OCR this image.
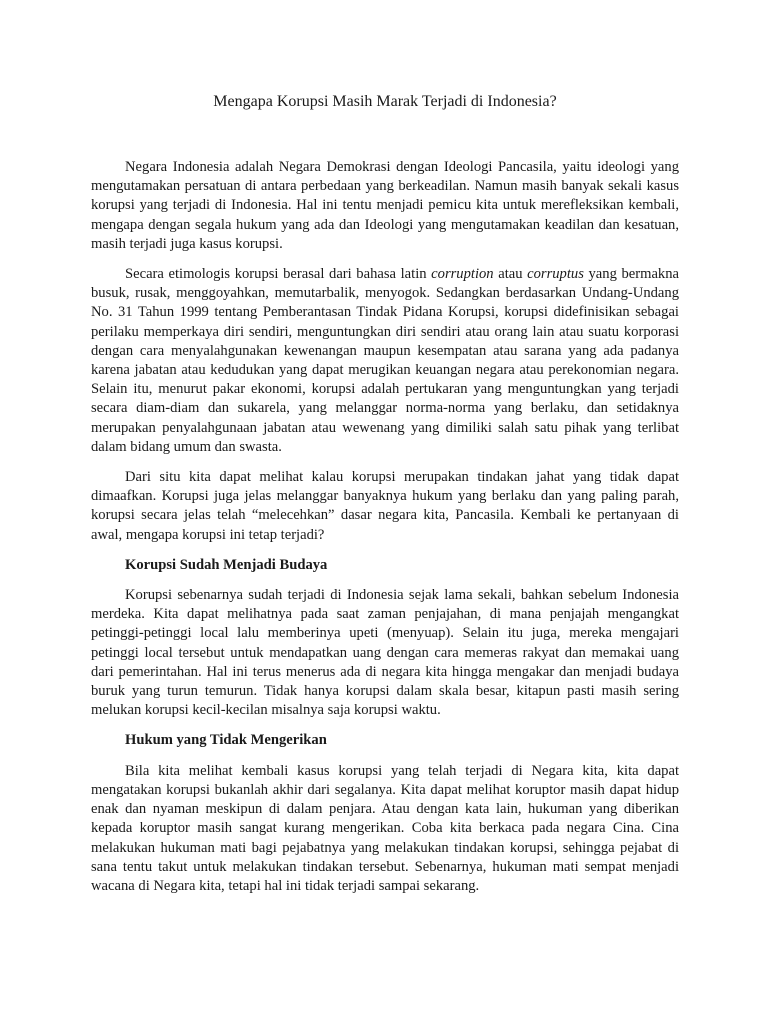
Mengapa Korupsi Masih Marak Terjadi di Indonesia?

Negara Indonesia adalah Negara Demokrasi dengan Ideologi Pancasila, yaitu ideologi yang mengutamakan persatuan di antara perbedaan yang berkeadilan. Namun masih banyak sekali kasus korupsi yang terjadi di Indonesia. Hal ini tentu menjadi pemicu kita untuk merefleksikan kembali, mengapa dengan segala hukum yang ada dan Ideologi yang mengutamakan keadilan dan kesatuan, masih terjadi juga kasus korupsi.

Secara etimologis korupsi berasal dari bahasa latin corruption atau corruptus yang bermakna busuk, rusak, menggoyahkan, memutarbalik, menyogok. Sedangkan berdasarkan Undang-Undang No. 31 Tahun 1999 tentang Pemberantasan Tindak Pidana Korupsi, korupsi didefinisikan sebagai perilaku memperkaya diri sendiri, menguntungkan diri sendiri atau orang lain atau suatu korporasi dengan cara menyalahgunakan kewenangan maupun kesempatan atau sarana yang ada padanya karena jabatan atau kedudukan yang dapat merugikan keuangan negara atau perekonomian negara. Selain itu, menurut pakar ekonomi, korupsi adalah pertukaran yang menguntungkan yang terjadi secara diam-diam dan sukarela, yang melanggar norma-norma yang berlaku, dan setidaknya merupakan penyalahgunaan jabatan atau wewenang yang dimiliki salah satu pihak yang terlibat dalam bidang umum dan swasta.

Dari situ kita dapat melihat kalau korupsi merupakan tindakan jahat yang tidak dapat dimaafkan. Korupsi juga jelas melanggar banyaknya hukum yang berlaku dan yang paling parah, korupsi secara jelas telah “melecehkan” dasar negara kita, Pancasila. Kembali ke pertanyaan di awal, mengapa korupsi ini tetap terjadi?

Korupsi Sudah Menjadi Budaya

Korupsi sebenarnya sudah terjadi di Indonesia sejak lama sekali, bahkan sebelum Indonesia merdeka. Kita dapat melihatnya pada saat zaman penjajahan, di mana penjajah mengangkat petinggi-petinggi local lalu memberinya upeti (menyuap). Selain itu juga, mereka mengajari petinggi local tersebut untuk mendapatkan uang dengan cara memeras rakyat dan memakai uang dari pemerintahan. Hal ini terus menerus ada di negara kita hingga mengakar dan menjadi budaya buruk yang turun temurun. Tidak hanya korupsi dalam skala besar, kitapun pasti masih sering melukan korupsi kecil-kecilan misalnya saja korupsi waktu.

Hukum yang Tidak Mengerikan

Bila kita melihat kembali kasus korupsi yang telah terjadi di Negara kita, kita dapat mengatakan korupsi bukanlah akhir dari segalanya. Kita dapat melihat koruptor masih dapat hidup enak dan nyaman meskipun di dalam penjara. Atau dengan kata lain, hukuman yang diberikan kepada koruptor masih sangat kurang mengerikan. Coba kita berkaca pada negara Cina. Cina melakukan hukuman mati bagi pejabatnya yang melakukan tindakan korupsi, sehingga pejabat di sana tentu takut untuk melakukan tindakan tersebut. Sebenarnya, hukuman mati sempat menjadi wacana di Negara kita, tetapi hal ini tidak terjadi sampai sekarang.
